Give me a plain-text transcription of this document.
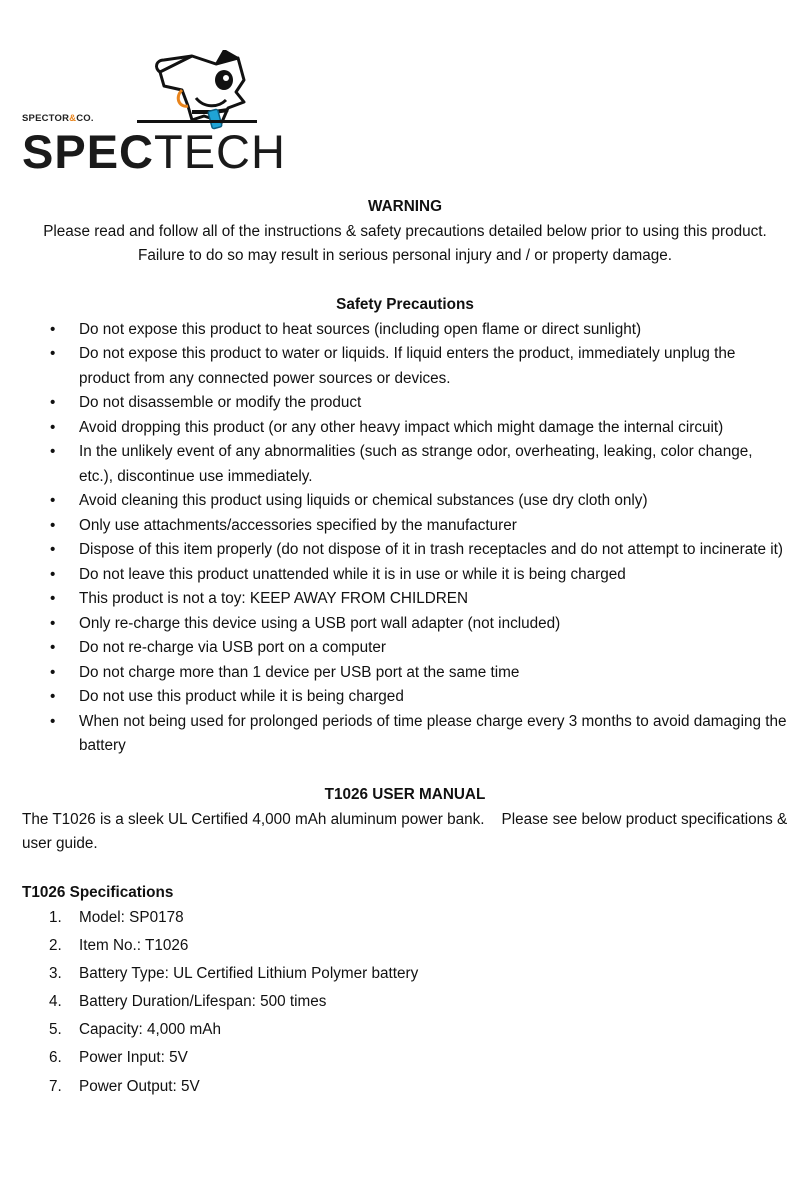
SPECTOR&CO.
SPECTECH
WARNING
Please read and follow all of the instructions & safety precautions detailed below prior to using this product.
Failure to do so may result in serious personal injury and / or property damage.
Safety Precautions
• Do not expose this product to heat sources (including open flame or direct sunlight)
• Do not expose this product to water or liquids. If liquid enters the product, immediately unplug the product from any connected power sources or devices.
• Do not disassemble or modify the product
• Avoid dropping this product (or any other heavy impact which might damage the internal circuit)
• In the unlikely event of any abnormalities (such as strange odor, overheating, leaking, color change, etc.), discontinue use immediately.
• Avoid cleaning this product using liquids or chemical substances (use dry cloth only)
• Only use attachments/accessories specified by the manufacturer
• Dispose of this item properly (do not dispose of it in trash receptacles and do not attempt to incinerate it)
• Do not leave this product unattended while it is in use or while it is being charged
• This product is not a toy: KEEP AWAY FROM CHILDREN
• Only re-charge this device using a USB port wall adapter (not included)
• Do not re-charge via USB port on a computer
• Do not charge more than 1 device per USB port at the same time
• Do not use this product while it is being charged
• When not being used for prolonged periods of time please charge every 3 months to avoid damaging the battery
T1026 USER MANUAL
The T1026 is a sleek UL Certified 4,000 mAh aluminum power bank.    Please see below product specifications & user guide.
T1026 Specifications
1. Model: SP0178
2. Item No.: T1026
3. Battery Type: UL Certified Lithium Polymer battery
4. Battery Duration/Lifespan: 500 times
5. Capacity: 4,000 mAh
6. Power Input: 5V
7. Power Output: 5V
